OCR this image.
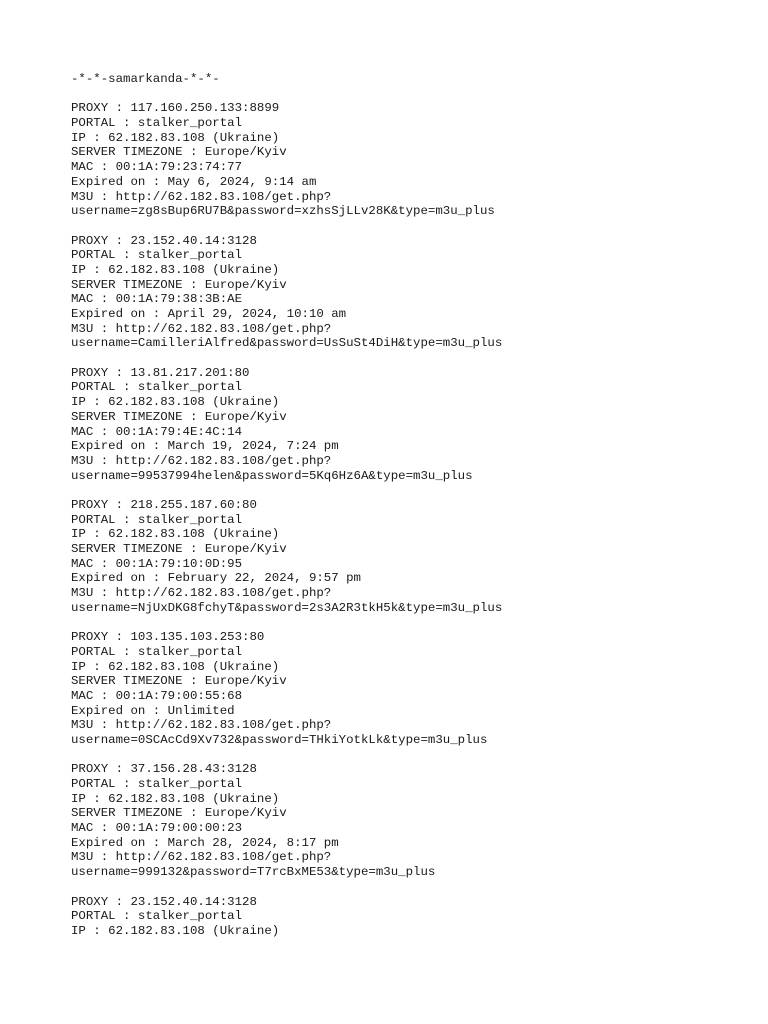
-*-*-samarkanda-*-*-
PROXY : 117.160.250.133:8899
PORTAL : stalker_portal
IP : 62.182.83.108 (Ukraine)
SERVER TIMEZONE : Europe/Kyiv
MAC : 00:1A:79:23:74:77
Expired on : May 6, 2024, 9:14 am
M3U : http://62.182.83.108/get.php?
username=zg8sBup6RU7B&password=xzhsSjLLv28K&type=m3u_plus
PROXY : 23.152.40.14:3128
PORTAL : stalker_portal
IP : 62.182.83.108 (Ukraine)
SERVER TIMEZONE : Europe/Kyiv
MAC : 00:1A:79:38:3B:AE
Expired on : April 29, 2024, 10:10 am
M3U : http://62.182.83.108/get.php?
username=CamilleriAlfred&password=UsSuSt4DiH&type=m3u_plus
PROXY : 13.81.217.201:80
PORTAL : stalker_portal
IP : 62.182.83.108 (Ukraine)
SERVER TIMEZONE : Europe/Kyiv
MAC : 00:1A:79:4E:4C:14
Expired on : March 19, 2024, 7:24 pm
M3U : http://62.182.83.108/get.php?
username=99537994helen&password=5Kq6Hz6A&type=m3u_plus
PROXY : 218.255.187.60:80
PORTAL : stalker_portal
IP : 62.182.83.108 (Ukraine)
SERVER TIMEZONE : Europe/Kyiv
MAC : 00:1A:79:10:0D:95
Expired on : February 22, 2024, 9:57 pm
M3U : http://62.182.83.108/get.php?
username=NjUxDKG8fchyT&password=2s3A2R3tkH5k&type=m3u_plus
PROXY : 103.135.103.253:80
PORTAL : stalker_portal
IP : 62.182.83.108 (Ukraine)
SERVER TIMEZONE : Europe/Kyiv
MAC : 00:1A:79:00:55:68
Expired on : Unlimited
M3U : http://62.182.83.108/get.php?
username=0SCAcCd9Xv732&password=THkiYotkLk&type=m3u_plus
PROXY : 37.156.28.43:3128
PORTAL : stalker_portal
IP : 62.182.83.108 (Ukraine)
SERVER TIMEZONE : Europe/Kyiv
MAC : 00:1A:79:00:00:23
Expired on : March 28, 2024, 8:17 pm
M3U : http://62.182.83.108/get.php?
username=999132&password=T7rcBxME53&type=m3u_plus
PROXY : 23.152.40.14:3128
PORTAL : stalker_portal
IP : 62.182.83.108 (Ukraine)
